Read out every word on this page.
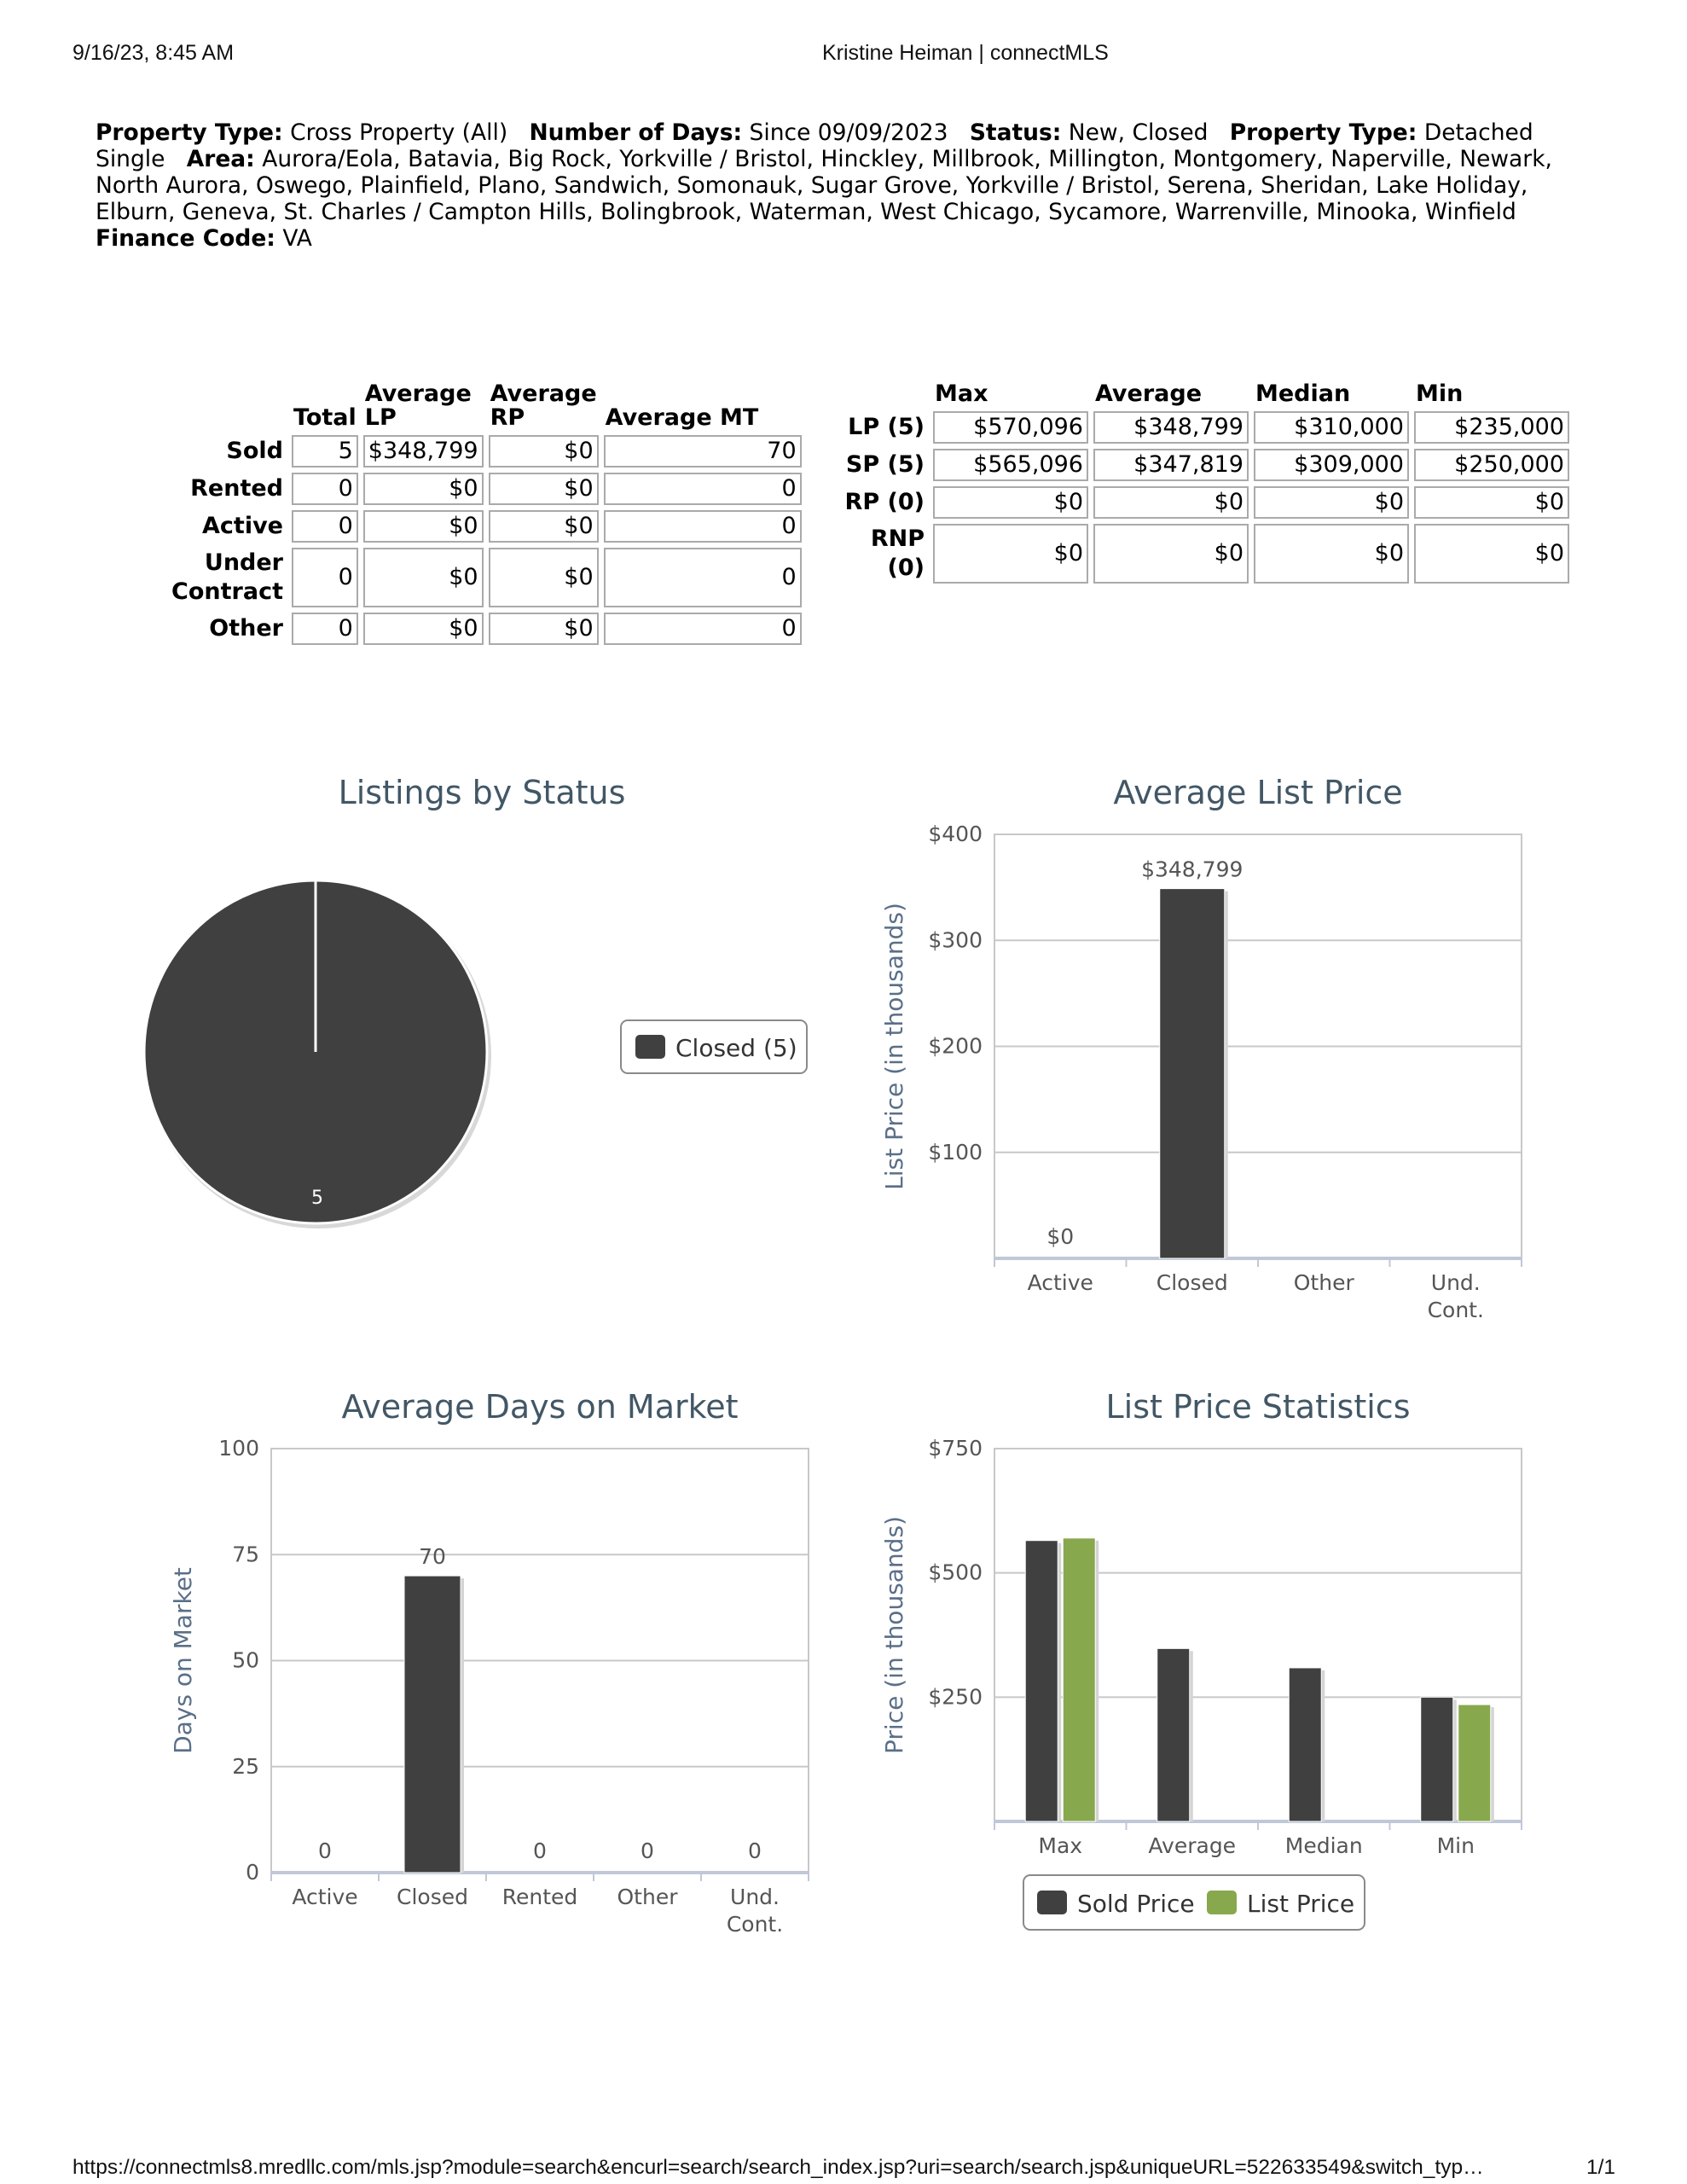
9/16/23, 8:45 AM	Kristine Heiman | connectMLS
Property Type: Cross Property (All) Number of Days: Since 09/09/2023 Status: New, Closed Property Type: Detached Single Area: Aurora/Eola, Batavia, Big Rock, Yorkville / Bristol, Hinckley, Millbrook, Millington, Montgomery, Naperville, Newark, North Aurora, Oswego, Plainfield, Plano, Sandwich, Somonauk, Sugar Grove, Yorkville / Bristol, Serena, Sheridan, Lake Holiday, Elburn, Geneva, St. Charles / Campton Hills, Bolingbrook, Waterman, West Chicago, Sycamore, Warrenville, Minooka, Winfield   Finance Code: VA
	Total	Average LP	Average RP	Average MT
Sold	5	$348,799	$0	70
Rented	0	$0	$0	0
Active	0	$0	$0	0
Under Contract	0	$0	$0	0
Other	0	$0	$0	0
	Max	Average	Median	Min
LP (5)	$570,096	$348,799	$310,000	$235,000
SP (5)	$565,096	$347,819	$309,000	$250,000
RP (0)	$0	$0	$0	$0
RNP (0)	$0	$0	$0	$0
Listings by Status
5
Closed (5)
Average List Price
$100
$200
$300
$400
Active	Closed	Other	Und. Cont.
$0
$348,799
List Price (in thousands)
Average Days on Market
0
25
50
75
100
Active Closed Rented Other Und. Cont.
0
70
0	0	0
Days on Market
List Price Statistics
$250
$500
$750
Max	Average Median	Min
Price (in thousands)
Sold Price List Price
https://connectmls8.mredllc.com/mls.jsp?module=search&encurl=search/search_index.jsp?uri=search/search.jsp&uniqueURL=522633549&switch_typ…	1/1
